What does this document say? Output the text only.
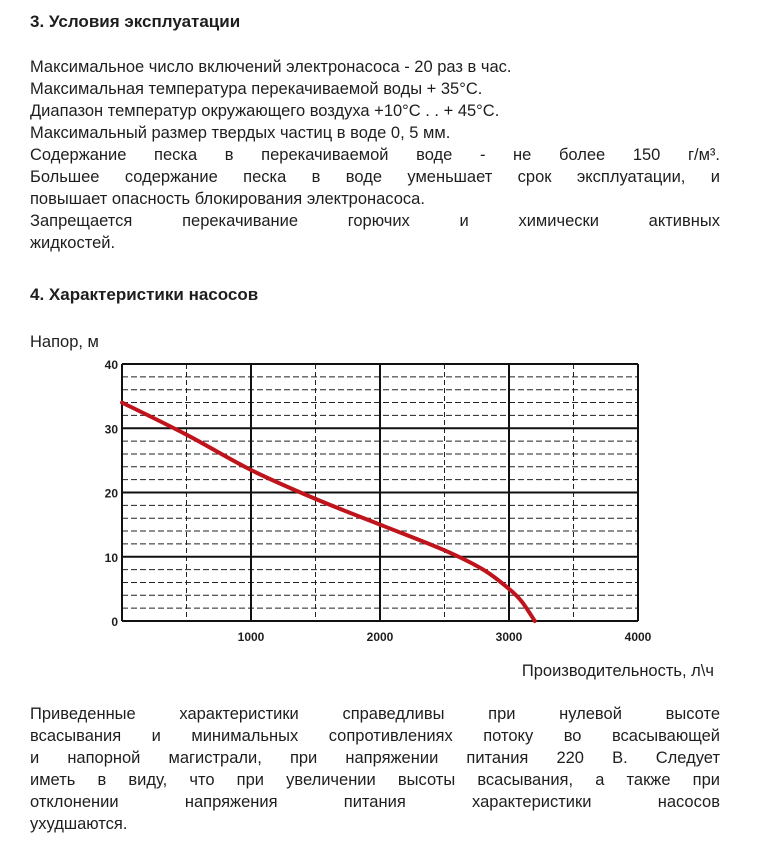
3. Условия эксплуатации
Максимальное число включений электронасоса - 20 раз в час.
Максимальная температура перекачиваемой воды + 35°С.
Диапазон температур окружающего воздуха +10°С . . + 45°С.
Максимальный размер твердых частиц в воде 0, 5 мм.
Содержание песка в перекачиваемой воде - не более 150 г/м³.
Большее содержание песка в воде уменьшает срок эксплуатации, и
повышает опасность блокирования электронасоса.
Запрещается перекачивание горючих и химически активных
жидкостей.
4. Характеристики насосов
Напор, м
0
10
20
30
40
1000	2000	3000	4000
Производительность, л\ч
Приведенные характеристики справедливы при нулевой высоте
всасывания и минимальных сопротивлениях потоку во всасывающей
и напорной магистрали, при напряжении питания 220 В. Следует
иметь в виду, что при увеличении высоты всасывания, а также при
отклонении напряжения питания характеристики насосов
ухудшаются.
